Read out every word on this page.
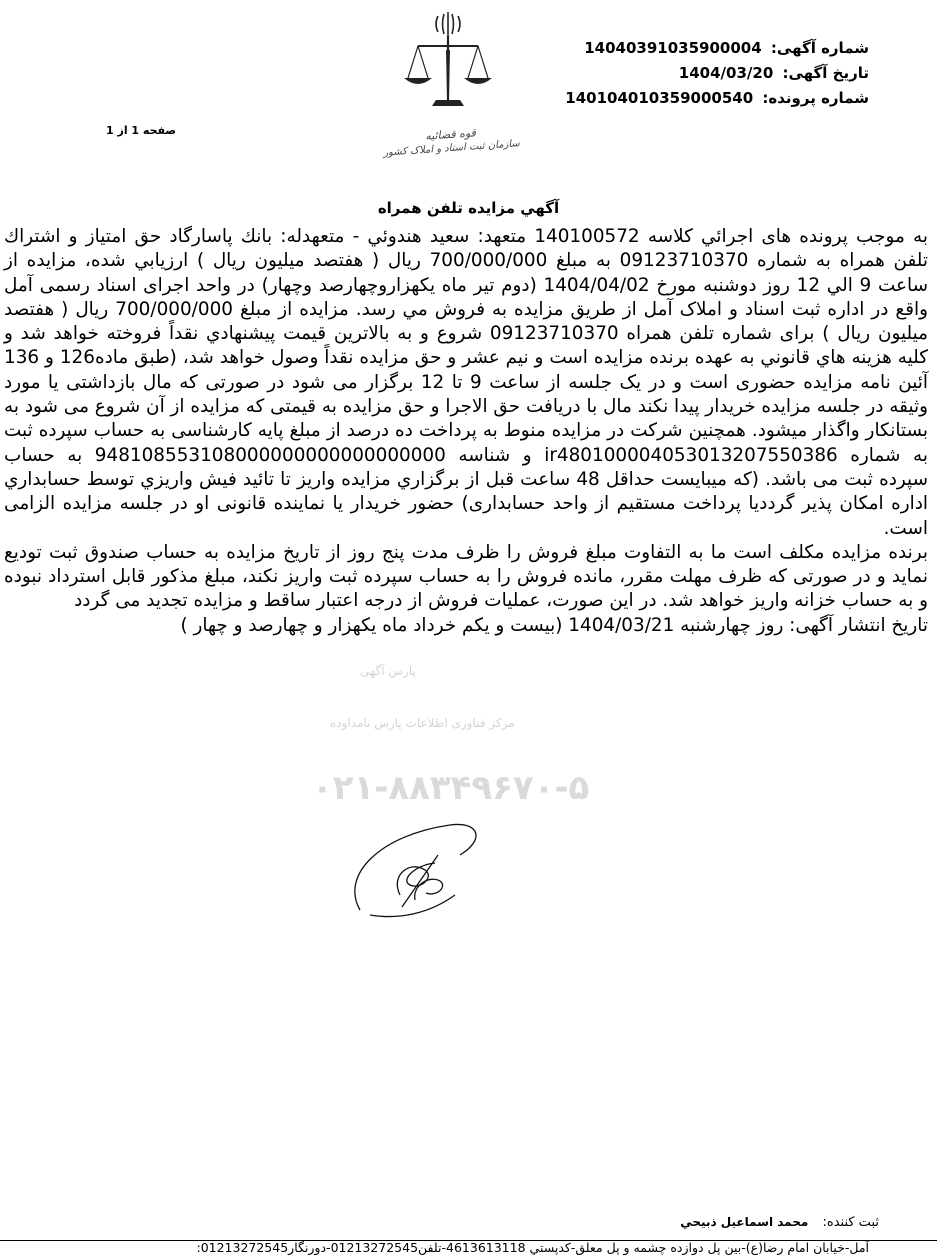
شماره آگهی: 14040391035900004
تاریخ آگهی: 1404/03/20
شماره پرونده: 140104010359000540
صفحه 1 از 1	قوه قضائیه
سازمان ثبت اسناد و املاک کشور
آگهي مزايده تلفن همراه
پارس آگهی
مرکز فناوری اطلاعات پارس نامداوده
۰۲۱-۸۸۳۴۹۶۷۰-۵

به موجب پرونده های اجرائي كلاسه 140100572 متعهد: سعيد هندوئي - متعهدله: بانك پاسارگاد حق امتياز و اشتراك تلفن همراه به شماره 09123710370 به مبلغ 700/000/000 ريال ( هفتصد ميليون ريال ) ارزيابي شده، مزايده از ساعت 9 الي 12 روز دوشنبه مورخ 1404/04/02 (دوم تير ماه يكهزاروچهارصد وچهار) در واحد اجرای اسناد رسمی آمل واقع در اداره ثبت اسناد و املاک آمل از طريق مزايده به فروش مي رسد. مزايده از مبلغ 700/000/000 ريال ( هفتصد ميليون ريال ) براى شماره تلفن همراه 09123710370 شروع و به بالاترين قيمت پيشنهادي نقداً فروخته خواهد شد و كليه هزينه هاي قانوني به عهده برنده مزايده است و نيم عشر و حق مزايده نقداً وصول خواهد شد، (طبق ماده126 و 136 آئين نامه مزايده حضوری است و در یک جلسه از ساعت 9 تا 12 برگزار می شود در صورتی که مال بازداشتی یا مورد وثیقه در جلسه مزایده خریدار پیدا نکند مال با دریافت حق الاجرا و حق مزایده به قیمتی که مزایده از آن شروع می شود به بستانکار واگذار میشود. همچنین شرکت در مزایده منوط به پرداخت ده درصد از مبلغ پایه کارشناسی به حساب سپرده ثبت به شماره ir480100004053013207550386 و شناسه 948108553108000000000000000000 به حساب سپرده ثبت می باشد. (كه ميبايست حداقل 48 ساعت قبل از برگزاري مزايده واريز تا تائيد فيش واريزي توسط حسابداري اداره امكان پذير گرددیا پرداخت مستقیم از واحد حسابداری) حضور خریدار یا نماینده قانونی او در جلسه مزایده الزامی است.

برنده مزايده مكلف است ما به التفاوت مبلغ فروش را ظرف مدت پنج روز از تاريخ مزايده به حساب صندوق ثبت توديع نمايد و در صورتی كه ظرف مهلت مقرر، مانده فروش را به حساب سپرده ثبت واريز نكند، مبلغ مذكور قابل استرداد نبوده و به حساب خزانه واريز خواهد شد. در اين صورت، عمليات فروش از درجه اعتبار ساقط و مزايده تجديد مى گردد

تاريخ انتشار آگهی: روز چهارشنبه 1404/03/21 (بيست و يكم خرداد ماه يكهزار و چهارصد و چهار )

ثبت كننده: محمد اسماعيل ذبيحي
آمل-خيابان امام رضا(ع)-بين پل دوازده چشمه و پل معلق-كدپستي 4613613118-تلفن01213272545-دورنگار01213272545:
